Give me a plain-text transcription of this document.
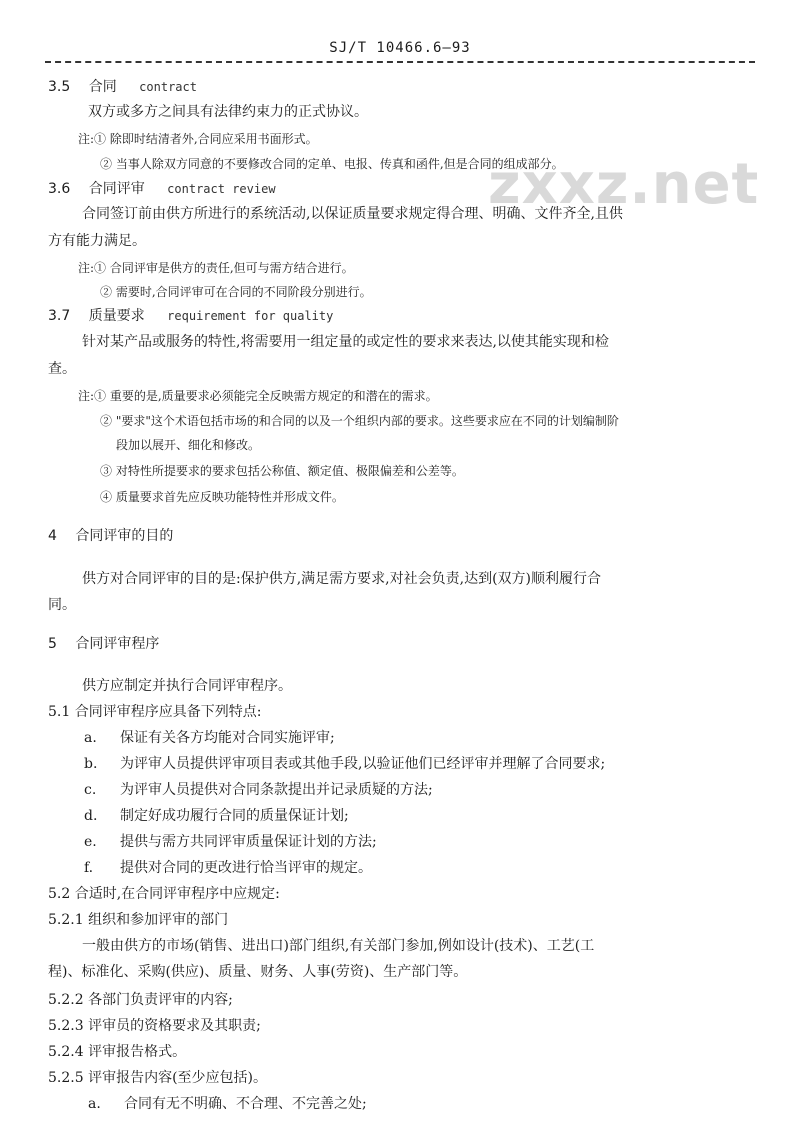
SJ/T 10466.6—93
zxxz.net
3.5 合同 contract
双方或多方之间具有法律约束力的正式协议。
注:① 除即时结清者外,合同应采用书面形式。
② 当事人除双方同意的不要修改合同的定单、电报、传真和函件,但是合同的组成部分。
3.6 合同评审 contract review
合同签订前由供方所进行的系统活动,以保证质量要求规定得合理、明确、文件齐全,且供
方有能力满足。
注:① 合同评审是供方的责任,但可与需方结合进行。
② 需要时,合同评审可在合同的不同阶段分别进行。
3.7 质量要求 requirement for quality
针对某产品或服务的特性,将需要用一组定量的或定性的要求来表达,以使其能实现和检
查。
注:① 重要的是,质量要求必须能完全反映需方规定的和潜在的需求。
② "要求"这个术语包括市场的和合同的以及一个组织内部的要求。这些要求应在不同的计划编制阶
段加以展开、细化和修改。
③ 对特性所提要求的要求包括公称值、额定值、极限偏差和公差等。
④ 质量要求首先应反映功能特性并形成文件。
4 合同评审的目的
供方对合同评审的目的是:保护供方,满足需方要求,对社会负责,达到(双方)顺利履行合
同。
5 合同评审程序
供方应制定并执行合同评审程序。
5.1 合同评审程序应具备下列特点:
a. 保证有关各方均能对合同实施评审;
b. 为评审人员提供评审项目表或其他手段,以验证他们已经评审并理解了合同要求;
c. 为评审人员提供对合同条款提出并记录质疑的方法;
d. 制定好成功履行合同的质量保证计划;
e. 提供与需方共同评审质量保证计划的方法;
f. 提供对合同的更改进行恰当评审的规定。
5.2 合适时,在合同评审程序中应规定:
5.2.1 组织和参加评审的部门
一般由供方的市场(销售、进出口)部门组织,有关部门参加,例如设计(技术)、工艺(工
程)、标准化、采购(供应)、质量、财务、人事(劳资)、生产部门等。
5.2.2 各部门负责评审的内容;
5.2.3 评审员的资格要求及其职责;
5.2.4 评审报告格式。
5.2.5 评审报告内容(至少应包括)。
a. 合同有无不明确、不合理、不完善之处;
